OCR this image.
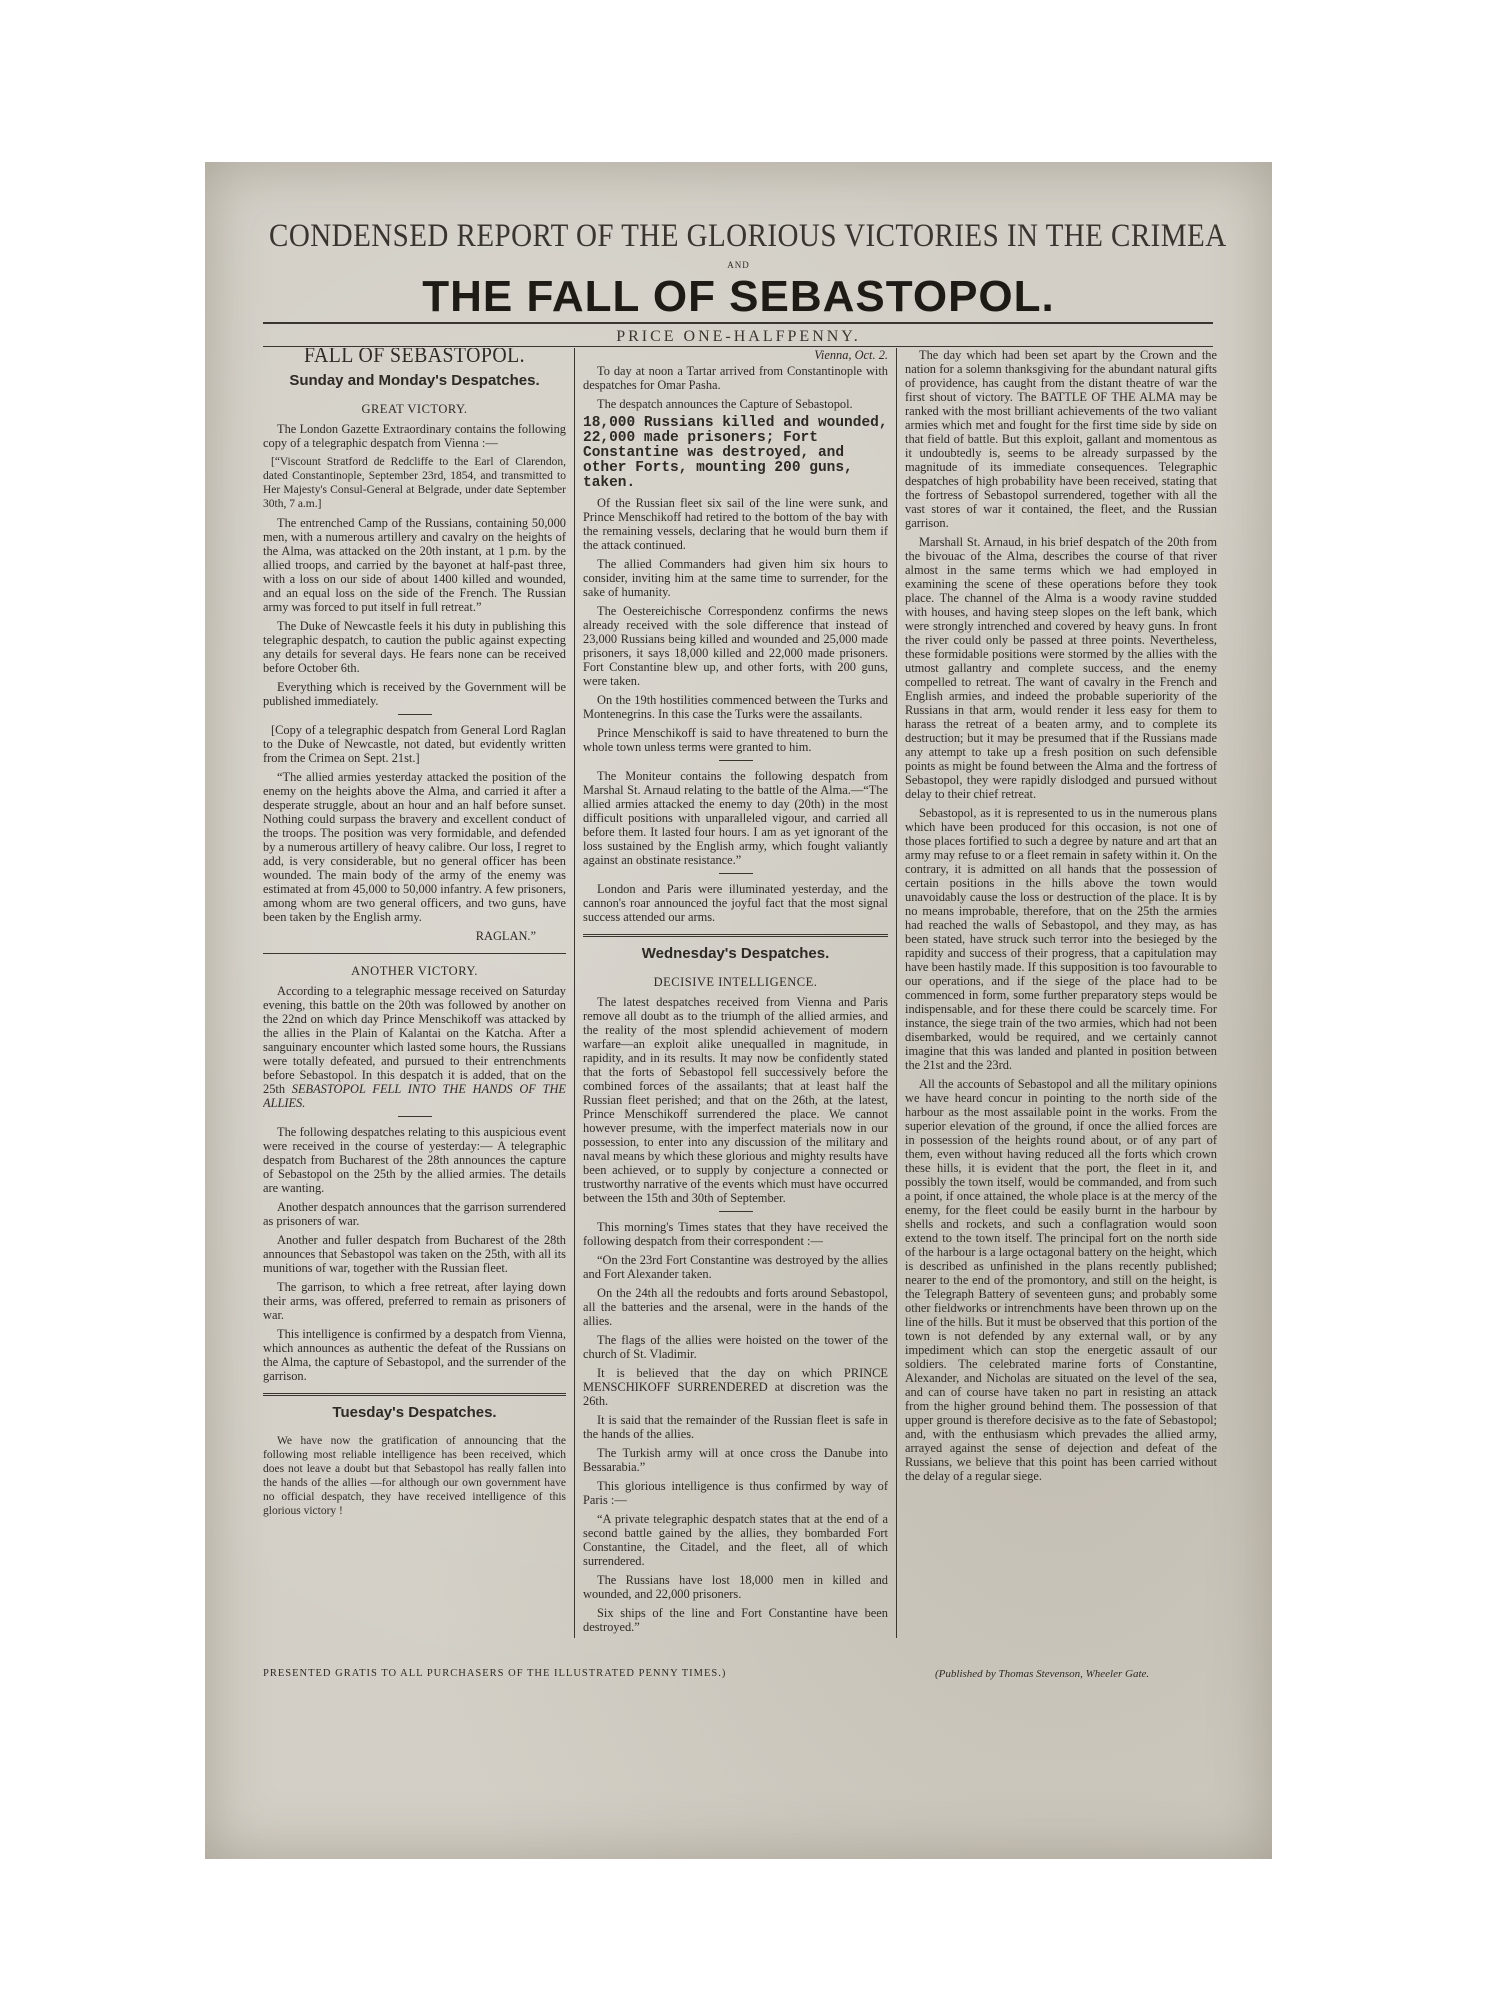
CONDENSED REPORT OF THE GLORIOUS VICTORIES IN THE CRIMEA
AND
THE FALL OF SEBASTOPOL.
PRICE ONE-HALFPENNY.
FALL OF SEBASTOPOL.
Sunday and Monday's Despatches.
GREAT VICTORY.

The London Gazette Extraordinary contains the following copy of a telegraphic despatch from Vienna :—

[“Viscount Stratford de Redcliffe to the Earl of Clarendon, dated Constantinople, September 23rd, 1854, and transmitted to Her Majesty's Consul-General at Belgrade, under date September 30th, 7 a.m.]

The entrenched Camp of the Russians, containing 50,000 men, with a numerous artillery and cavalry on the heights of the Alma, was attacked on the 20th instant, at 1 p.m. by the allied troops, and carried by the bayonet at half-past three, with a loss on our side of about 1400 killed and wounded, and an equal loss on the side of the French. The Russian army was forced to put itself in full retreat.”

The Duke of Newcastle feels it his duty in publishing this telegraphic despatch, to caution the public against expecting any details for several days. He fears none can be received before October 6th.

Everything which is received by the Government will be published immediately.

[Copy of a telegraphic despatch from General Lord Raglan to the Duke of Newcastle, not dated, but evidently written from the Crimea on Sept. 21st.]

“The allied armies yesterday attacked the position of the enemy on the heights above the Alma, and carried it after a desperate struggle, about an hour and an half before sunset. Nothing could surpass the bravery and excellent conduct of the troops. The position was very formidable, and defended by a numerous artillery of heavy calibre. Our loss, I regret to add, is very considerable, but no general officer has been wounded. The main body of the army of the enemy was estimated at from 45,000 to 50,000 infantry. A few prisoners, among whom are two general officers, and two guns, have been taken by the English army.

RAGLAN.”
ANOTHER VICTORY.

According to a telegraphic message received on Saturday evening, this battle on the 20th was followed by another on the 22nd on which day Prince Menschikoff was attacked by the allies in the Plain of Kalantai on the Katcha. After a sanguinary encounter which lasted some hours, the Russians were totally defeated, and pursued to their entrenchments before Sebastopol. In this despatch it is added, that on the 25th SEBASTOPOL FELL INTO THE HANDS OF THE ALLIES.

The following despatches relating to this auspicious event were received in the course of yesterday:— A telegraphic despatch from Bucharest of the 28th announces the capture of Sebastopol on the 25th by the allied armies. The details are wanting.

Another despatch announces that the garrison surrendered as prisoners of war.

Another and fuller despatch from Bucharest of the 28th announces that Sebastopol was taken on the 25th, with all its munitions of war, together with the Russian fleet.

The garrison, to which a free retreat, after laying down their arms, was offered, preferred to remain as prisoners of war.

This intelligence is confirmed by a despatch from Vienna, which announces as authentic the defeat of the Russians on the Alma, the capture of Sebastopol, and the surrender of the garrison.

Tuesday's Despatches.

We have now the gratification of announcing that the following most reliable intelligence has been received, which does not leave a doubt but that Sebastopol has really fallen into the hands of the allies —for although our own government have no official despatch, they have received intelligence of this glorious victory !

Vienna, Oct. 2.

To day at noon a Tartar arrived from Constantinople with despatches for Omar Pasha.

The despatch announces the Capture of Sebastopol.

18,000 Russians killed and wounded, 22,000 made prisoners; Fort Constantine was destroyed, and other Forts, mounting 200 guns, taken.

Of the Russian fleet six sail of the line were sunk, and Prince Menschikoff had retired to the bottom of the bay with the remaining vessels, declaring that he would burn them if the attack continued.

The allied Commanders had given him six hours to consider, inviting him at the same time to surrender, for the sake of humanity.

The Oestereichische Correspondenz confirms the news already received with the sole difference that instead of 23,000 Russians being killed and wounded and 25,000 made prisoners, it says 18,000 killed and 22,000 made prisoners. Fort Constantine blew up, and other forts, with 200 guns, were taken.

On the 19th hostilities commenced between the Turks and Montenegrins. In this case the Turks were the assailants.

Prince Menschikoff is said to have threatened to burn the whole town unless terms were granted to him.

The Moniteur contains the following despatch from Marshal St. Arnaud relating to the battle of the Alma.—“The allied armies attacked the enemy to day (20th) in the most difficult positions with unparalleled vigour, and carried all before them. It lasted four hours. I am as yet ignorant of the loss sustained by the English army, which fought valiantly against an obstinate resistance.”

London and Paris were illuminated yesterday, and the cannon's roar announced the joyful fact that the most signal success attended our arms.

Wednesday's Despatches.
DECISIVE INTELLIGENCE.

The latest despatches received from Vienna and Paris remove all doubt as to the triumph of the allied armies, and the reality of the most splendid achievement of modern warfare—an exploit alike unequalled in magnitude, in rapidity, and in its results. It may now be confidently stated that the forts of Sebastopol fell successively before the combined forces of the assailants; that at least half the Russian fleet perished; and that on the 26th, at the latest, Prince Menschikoff surrendered the place. We cannot however presume, with the imperfect materials now in our possession, to enter into any discussion of the military and naval means by which these glorious and mighty results have been achieved, or to supply by conjecture a connected or trustworthy narrative of the events which must have occurred between the 15th and 30th of September.

This morning's Times states that they have received the following despatch from their correspondent :—

“On the 23rd Fort Constantine was destroyed by the allies and Fort Alexander taken.

On the 24th all the redoubts and forts around Sebastopol, all the batteries and the arsenal, were in the hands of the allies.

The flags of the allies were hoisted on the tower of the church of St. Vladimir.

It is believed that the day on which PRINCE MENSCHIKOFF SURRENDERED at discretion was the 26th.

It is said that the remainder of the Russian fleet is safe in the hands of the allies.

The Turkish army will at once cross the Danube into Bessarabia.”

This glorious intelligence is thus confirmed by way of Paris :—

“A private telegraphic despatch states that at the end of a second battle gained by the allies, they bombarded Fort Constantine, the Citadel, and the fleet, all of which surrendered.

The Russians have lost 18,000 men in killed and wounded, and 22,000 prisoners.

Six ships of the line and Fort Constantine have been destroyed.”

The day which had been set apart by the Crown and the nation for a solemn thanksgiving for the abundant natural gifts of providence, has caught from the distant theatre of war the first shout of victory. The BATTLE OF THE ALMA may be ranked with the most brilliant achievements of the two valiant armies which met and fought for the first time side by side on that field of battle. But this exploit, gallant and momentous as it undoubtedly is, seems to be already surpassed by the magnitude of its immediate consequences. Telegraphic despatches of high probability have been received, stating that the fortress of Sebastopol surrendered, together with all the vast stores of war it contained, the fleet, and the Russian garrison.

Marshall St. Arnaud, in his brief despatch of the 20th from the bivouac of the Alma, describes the course of that river almost in the same terms which we had employed in examining the scene of these operations before they took place. The channel of the Alma is a woody ravine studded with houses, and having steep slopes on the left bank, which were strongly intrenched and covered by heavy guns. In front the river could only be passed at three points. Nevertheless, these formidable positions were stormed by the allies with the utmost gallantry and complete success, and the enemy compelled to retreat. The want of cavalry in the French and English armies, and indeed the probable superiority of the Russians in that arm, would render it less easy for them to harass the retreat of a beaten army, and to complete its destruction; but it may be presumed that if the Russians made any attempt to take up a fresh position on such defensible points as might be found between the Alma and the fortress of Sebastopol, they were rapidly dislodged and pursued without delay to their chief retreat.

Sebastopol, as it is represented to us in the numerous plans which have been produced for this occasion, is not one of those places fortified to such a degree by nature and art that an army may refuse to or a fleet remain in safety within it. On the contrary, it is admitted on all hands that the possession of certain positions in the hills above the town would unavoidably cause the loss or destruction of the place. It is by no means improbable, therefore, that on the 25th the armies had reached the walls of Sebastopol, and they may, as has been stated, have struck such terror into the besieged by the rapidity and success of their progress, that a capitulation may have been hastily made. If this supposition is too favourable to our operations, and if the siege of the place had to be commenced in form, some further preparatory steps would be indispensable, and for these there could be scarcely time. For instance, the siege train of the two armies, which had not been disembarked, would be required, and we certainly cannot imagine that this was landed and planted in position between the 21st and the 23rd.

All the accounts of Sebastopol and all the military opinions we have heard concur in pointing to the north side of the harbour as the most assailable point in the works. From the superior elevation of the ground, if once the allied forces are in possession of the heights round about, or of any part of them, even without having reduced all the forts which crown these hills, it is evident that the port, the fleet in it, and possibly the town itself, would be commanded, and from such a point, if once attained, the whole place is at the mercy of the enemy, for the fleet could be easily burnt in the harbour by shells and rockets, and such a conflagration would soon extend to the town itself. The principal fort on the north side of the harbour is a large octagonal battery on the height, which is described as unfinished in the plans recently published; nearer to the end of the promontory, and still on the height, is the Telegraph Battery of seventeen guns; and probably some other fieldworks or intrenchments have been thrown up on the line of the hills. But it must be observed that this portion of the town is not defended by any external wall, or by any impediment which can stop the energetic assault of our soldiers. The celebrated marine forts of Constantine, Alexander, and Nicholas are situated on the level of the sea, and can of course have taken no part in resisting an attack from the higher ground behind them. The possession of that upper ground is therefore decisive as to the fate of Sebastopol; and, with the enthusiasm which prevades the allied army, arrayed against the sense of dejection and defeat of the Russians, we believe that this point has been carried without the delay of a regular siege.

PRESENTED GRATIS TO ALL PURCHASERS OF THE ILLUSTRATED PENNY TIMES.)	(Published by Thomas Stevenson, Wheeler Gate.
